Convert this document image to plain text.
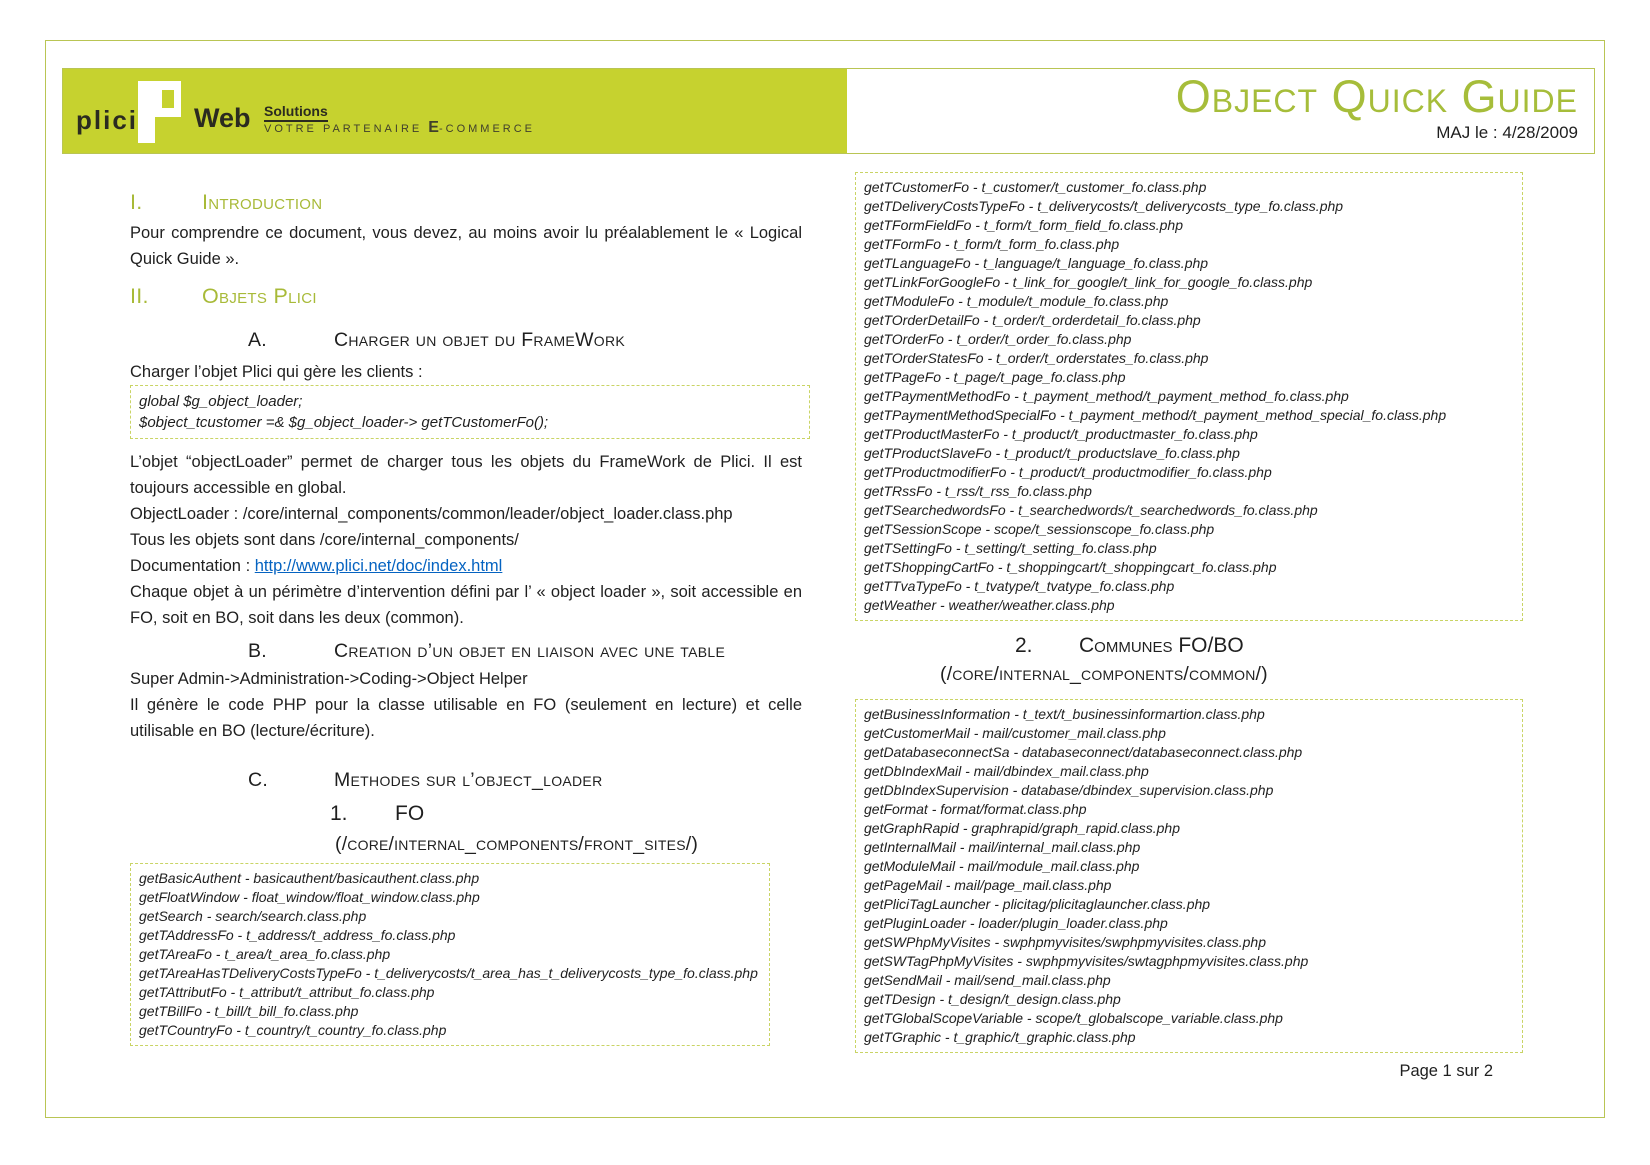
plici Web Solutions
VOTRE PARTENAIRE E-COMMERCE
Object Quick Guide
MAJ le : 4/28/2009
I.	Introduction

Pour comprendre ce document, vous devez, au moins avoir lu préalablement le « Logical Quick Guide ».

II.	Objets Plici
A.	Charger un objet du FrameWork

Charger l’objet Plici qui gère les clients :

global $g_object_loader;
$object_tcustomer =& $g_object_loader-> getTCustomerFo();
L’objet “objectLoader” permet de charger tous les objets du FrameWork de Plici. Il est toujours accessible en global.
ObjectLoader : /core/internal_components/common/leader/object_loader.class.php
Tous les objets sont dans /core/internal_components/
Documentation : http://www.plici.net/doc/index.html
Chaque objet à un périmètre d’intervention défini par l’ « object loader », soit accessible en FO, soit en BO, soit dans les deux (common).
B.	Creation d’un objet en liaison avec une table
Super Admin->Administration->Coding->Object Helper
Il génère le code PHP pour la classe utilisable en FO (seulement en lecture) et celle utilisable en BO (lecture/écriture).
C.	Methodes sur l’object_loader
1.	FO
(/core/internal_components/front_sites/)
getBasicAuthent - basicauthent/basicauthent.class.php
getFloatWindow - float_window/float_window.class.php
getSearch - search/search.class.php
getTAddressFo - t_address/t_address_fo.class.php
getTAreaFo - t_area/t_area_fo.class.php
getTAreaHasTDeliveryCostsTypeFo - t_deliverycosts/t_area_has_t_deliverycosts_type_fo.class.php
getTAttributFo - t_attribut/t_attribut_fo.class.php
getTBillFo - t_bill/t_bill_fo.class.php
getTCountryFo - t_country/t_country_fo.class.php
getTCustomerFo - t_customer/t_customer_fo.class.php
getTDeliveryCostsTypeFo - t_deliverycosts/t_deliverycosts_type_fo.class.php
getTFormFieldFo - t_form/t_form_field_fo.class.php
getTFormFo - t_form/t_form_fo.class.php
getTLanguageFo - t_language/t_language_fo.class.php
getTLinkForGoogleFo - t_link_for_google/t_link_for_google_fo.class.php
getTModuleFo - t_module/t_module_fo.class.php
getTOrderDetailFo - t_order/t_orderdetail_fo.class.php
getTOrderFo - t_order/t_order_fo.class.php
getTOrderStatesFo - t_order/t_orderstates_fo.class.php
getTPageFo - t_page/t_page_fo.class.php
getTPaymentMethodFo - t_payment_method/t_payment_method_fo.class.php
getTPaymentMethodSpecialFo - t_payment_method/t_payment_method_special_fo.class.php
getTProductMasterFo - t_product/t_productmaster_fo.class.php
getTProductSlaveFo - t_product/t_productslave_fo.class.php
getTProductmodifierFo - t_product/t_productmodifier_fo.class.php
getTRssFo - t_rss/t_rss_fo.class.php
getTSearchedwordsFo - t_searchedwords/t_searchedwords_fo.class.php
getTSessionScope - scope/t_sessionscope_fo.class.php
getTSettingFo - t_setting/t_setting_fo.class.php
getTShoppingCartFo - t_shoppingcart/t_shoppingcart_fo.class.php
getTTvaTypeFo - t_tvatype/t_tvatype_fo.class.php
getWeather - weather/weather.class.php
2.	Communes FO/BO
(/core/internal_components/common/)
getBusinessInformation - t_text/t_businessinformartion.class.php
getCustomerMail - mail/customer_mail.class.php
getDatabaseconnectSa - databaseconnect/databaseconnect.class.php
getDbIndexMail - mail/dbindex_mail.class.php
getDbIndexSupervision - database/dbindex_supervision.class.php
getFormat - format/format.class.php
getGraphRapid - graphrapid/graph_rapid.class.php
getInternalMail - mail/internal_mail.class.php
getModuleMail - mail/module_mail.class.php
getPageMail - mail/page_mail.class.php
getPliciTagLauncher - plicitag/plicitaglauncher.class.php
getPluginLoader - loader/plugin_loader.class.php
getSWPhpMyVisites - swphpmyvisites/swphpmyvisites.class.php
getSWTagPhpMyVisites - swphpmyvisites/swtagphpmyvisites.class.php
getSendMail - mail/send_mail.class.php
getTDesign - t_design/t_design.class.php
getTGlobalScopeVariable - scope/t_globalscope_variable.class.php
getTGraphic - t_graphic/t_graphic.class.php
Page 1 sur 2
